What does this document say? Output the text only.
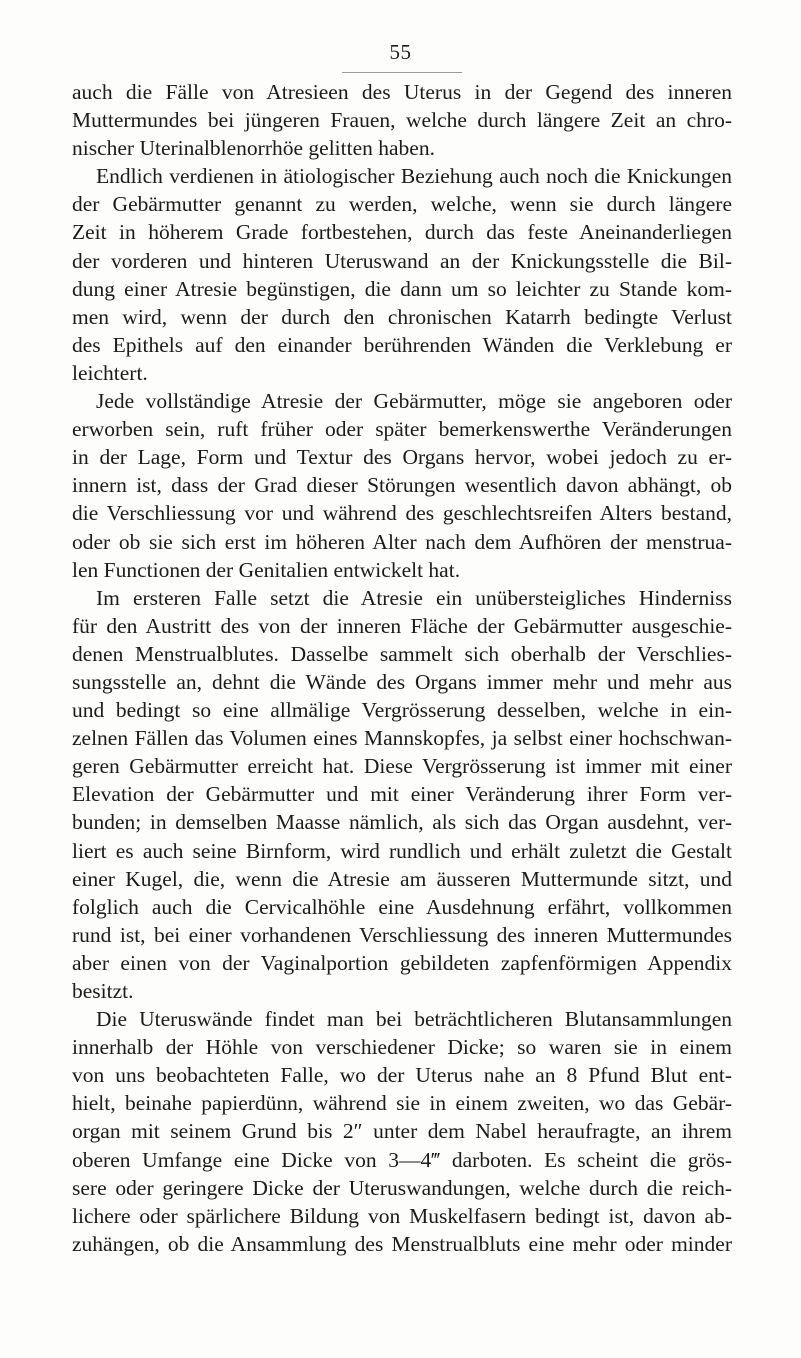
55
auch die Fälle von Atresieen des Uterus in der Gegend des inneren
Muttermundes bei jüngeren Frauen, welche durch längere Zeit an chro-
nischer Uterinalblenorrhöe gelitten haben.
Endlich verdienen in ätiologischer Beziehung auch noch die Knickungen
der Gebärmutter genannt zu werden, welche, wenn sie durch längere
Zeit in höherem Grade fortbestehen, durch das feste Aneinanderliegen
der vorderen und hinteren Uteruswand an der Knickungsstelle die Bil-
dung einer Atresie begünstigen, die dann um so leichter zu Stande kom-
men wird, wenn der durch den chronischen Katarrh bedingte Verlust
des Epithels auf den einander berührenden Wänden die Verklebung er
leichtert.
Jede vollständige Atresie der Gebärmutter, möge sie angeboren oder
erworben sein, ruft früher oder später bemerkenswerthe Veränderungen
in der Lage, Form und Textur des Organs hervor, wobei jedoch zu er-
innern ist, dass der Grad dieser Störungen wesentlich davon abhängt, ob
die Verschliessung vor und während des geschlechtsreifen Alters bestand,
oder ob sie sich erst im höheren Alter nach dem Aufhören der menstrua-
len Functionen der Genitalien entwickelt hat.
Im ersteren Falle setzt die Atresie ein unübersteigliches Hinderniss
für den Austritt des von der inneren Fläche der Gebärmutter ausgeschie-
denen Menstrualblutes. Dasselbe sammelt sich oberhalb der Verschlies-
sungsstelle an, dehnt die Wände des Organs immer mehr und mehr aus
und bedingt so eine allmälige Vergrösserung desselben, welche in ein-
zelnen Fällen das Volumen eines Mannskopfes, ja selbst einer hochschwan-
geren Gebärmutter erreicht hat. Diese Vergrösserung ist immer mit einer
Elevation der Gebärmutter und mit einer Veränderung ihrer Form ver-
bunden; in demselben Maasse nämlich, als sich das Organ ausdehnt, ver-
liert es auch seine Birnform, wird rundlich und erhält zuletzt die Gestalt
einer Kugel, die, wenn die Atresie am äusseren Muttermunde sitzt, und
folglich auch die Cervicalhöhle eine Ausdehnung erfährt, vollkommen
rund ist, bei einer vorhandenen Verschliessung des inneren Muttermundes
aber einen von der Vaginalportion gebildeten zapfenförmigen Appendix
besitzt.
Die Uteruswände findet man bei beträchtlicheren Blutansammlungen
innerhalb der Höhle von verschiedener Dicke; so waren sie in einem
von uns beobachteten Falle, wo der Uterus nahe an 8 Pfund Blut ent-
hielt, beinahe papierdünn, während sie in einem zweiten, wo das Gebär-
organ mit seinem Grund bis 2″ unter dem Nabel heraufragte, an ihrem
oberen Umfange eine Dicke von 3—4‴ darboten. Es scheint die grös-
sere oder geringere Dicke der Uteruswandungen, welche durch die reich-
lichere oder spärlichere Bildung von Muskelfasern bedingt ist, davon ab-
zuhängen, ob die Ansammlung des Menstrualbluts eine mehr oder minder
